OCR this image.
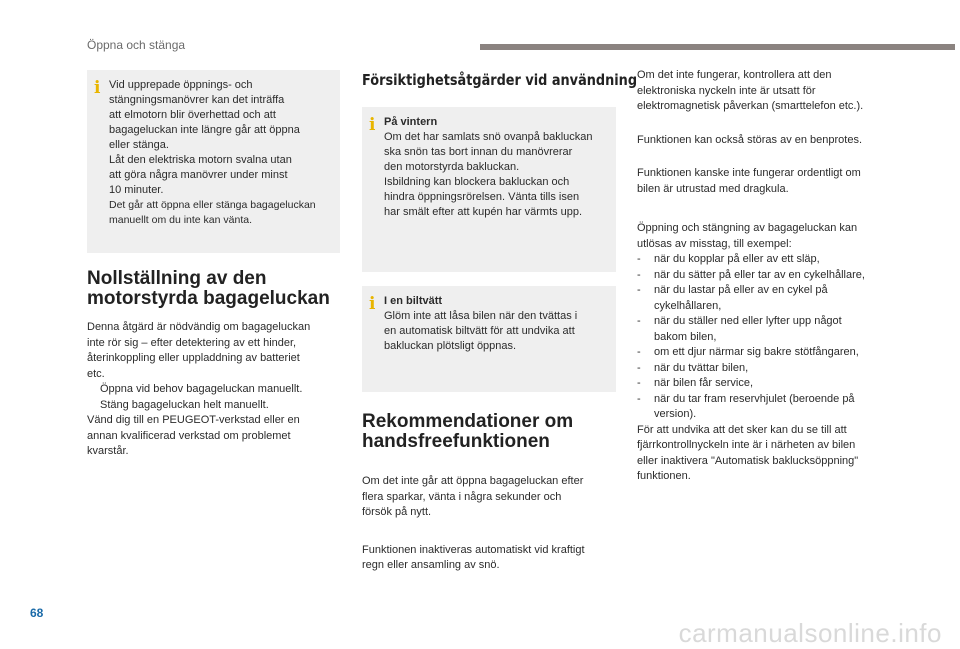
Öppna och stänga
i Vid upprepade öppnings- och
stängningsmanövrer kan det inträffa
att elmotorn blir överhettad och att
bagageluckan inte längre går att öppna
eller stänga.
Låt den elektriska motorn svalna utan
att göra några manövrer under minst
10 minuter.

Det går att öppna eller stänga bagageluckan
manuellt om du inte kan vänta.

Nollställning av den
motorstyrda bagageluckan

Denna åtgärd är nödvändig om bagageluckan
inte rör sig – efter detektering av ett hinder,
återinkoppling eller uppladdning av batteriet
etc.

Öppna vid behov bagageluckan manuellt.
Stäng bagageluckan helt manuellt.

Vänd dig till en PEUGEOT-verkstad eller en
annan kvalificerad verkstad om problemet
kvarstår.

Försiktighetsåtgärder vid användning
i På vintern

Om det har samlats snö ovanpå bakluckan
ska snön tas bort innan du manövrerar
den motorstyrda bakluckan.
Isbildning kan blockera bakluckan och
hindra öppningsrörelsen. Vänta tills isen
har smält efter att kupén har värmts upp.

i I en biltvätt

Glöm inte att låsa bilen när den tvättas i
en automatisk biltvätt för att undvika att
bakluckan plötsligt öppnas.

Rekommendationer om
handsfreefunktionen

Om det inte går att öppna bagageluckan efter
flera sparkar, vänta i några sekunder och
försök på nytt.

Funktionen inaktiveras automatiskt vid kraftigt
regn eller ansamling av snö.

Om det inte fungerar, kontrollera att den
elektroniska nyckeln inte är utsatt för
elektromagnetisk påverkan (smarttelefon etc.).

Funktionen kan också störas av en benprotes.

Funktionen kanske inte fungerar ordentligt om
bilen är utrustad med dragkula.

Öppning och stängning av bagageluckan kan
utlösas av misstag, till exempel:

-	när du kopplar på eller av ett släp,
-	när du sätter på eller tar av en cykelhållare,
-	när du lastar på eller av en cykel på
cykelhållaren,
-	när du ställer ned eller lyfter upp något
bakom bilen,
-	om ett djur närmar sig bakre stötfångaren,
-	när du tvättar bilen,
-	när bilen får service,
-	när du tar fram reservhjulet (beroende på
version).

För att undvika att det sker kan du se till att
fjärrkontrollnyckeln inte är i närheten av bilen
eller inaktivera "Automatisk baklucksöppning"
funktionen.

68
carmanualsonline.info
